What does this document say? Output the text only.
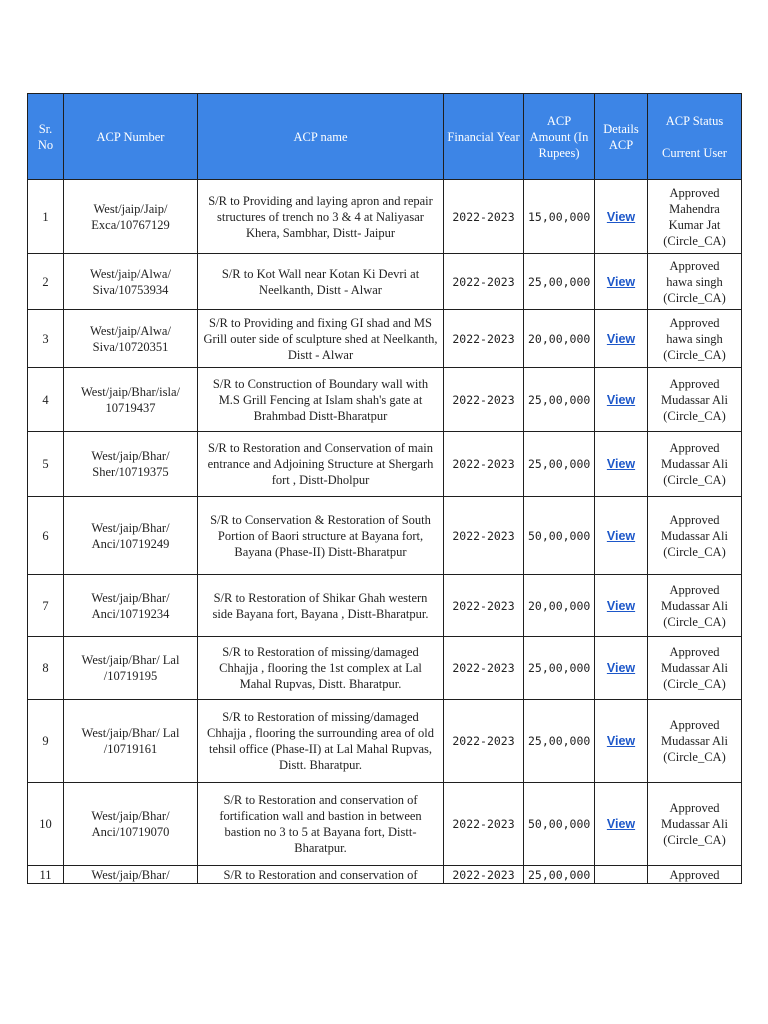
Sr. No	ACP Number	ACP name	Financial Year	ACP Amount (In Rupees)	Details ACP	ACP Status
Current User

1	West/jaip/Jaip/ Exca/10767129	S/R to Providing and laying apron and repair structures of trench no 3 & 4 at Naliyasar Khera, Sambhar, Distt- Jaipur	2022-2023	15,00,000	View	Approved
Mahendra Kumar Jat (Circle_CA)

2	West/jaip/Alwa/ Siva/10753934	S/R to Kot Wall near Kotan Ki Devri at Neelkanth, Distt - Alwar	2022-2023	25,00,000	View	Approved
hawa singh (Circle_CA)

3	West/jaip/Alwa/ Siva/10720351	S/R to Providing and fixing GI shad and MS Grill outer side of sculpture shed at Neelkanth, Distt - Alwar	2022-2023	20,00,000	View	Approved
hawa singh (Circle_CA)

4	West/jaip/Bhar/isla/ 10719437	S/R to Construction of Boundary wall with M.S Grill Fencing at Islam shah's gate at Brahmbad Distt-Bharatpur	2022-2023	25,00,000	View	Approved
Mudassar Ali (Circle_CA)

5	West/jaip/Bhar/ Sher/10719375	S/R to Restoration and Conservation of main entrance and Adjoining Structure at Shergarh fort , Distt-Dholpur	2022-2023	25,00,000	View	Approved
Mudassar Ali (Circle_CA)

6	West/jaip/Bhar/ Anci/10719249	S/R to Conservation & Restoration of South Portion of Baori structure at Bayana fort, Bayana (Phase-II) Distt-Bharatpur	2022-2023	50,00,000	View	Approved
Mudassar Ali (Circle_CA)

7	West/jaip/Bhar/ Anci/10719234	S/R to Restoration of Shikar Ghah western side Bayana fort, Bayana , Distt-Bharatpur.	2022-2023	20,00,000	View	Approved
Mudassar Ali (Circle_CA)

8	West/jaip/Bhar/ Lal /10719195	S/R to Restoration of missing/damaged Chhajja , flooring the 1st complex at Lal Mahal Rupvas, Distt. Bharatpur.	2022-2023	25,00,000	View	Approved
Mudassar Ali (Circle_CA)

9	West/jaip/Bhar/ Lal /10719161	S/R to Restoration of missing/damaged Chhajja , flooring the surrounding area of old tehsil office (Phase-II) at Lal Mahal Rupvas, Distt. Bharatpur.	2022-2023	25,00,000	View	Approved
Mudassar Ali (Circle_CA)

10	West/jaip/Bhar/ Anci/10719070	S/R to Restoration and conservation of fortification wall and bastion in between bastion no 3 to 5 at Bayana fort, Distt-Bharatpur.	2022-2023	50,00,000	View	Approved
Mudassar Ali (Circle_CA)

11	West/jaip/Bhar/	S/R to Restoration and conservation of	2022-2023	25,00,000		Approved
